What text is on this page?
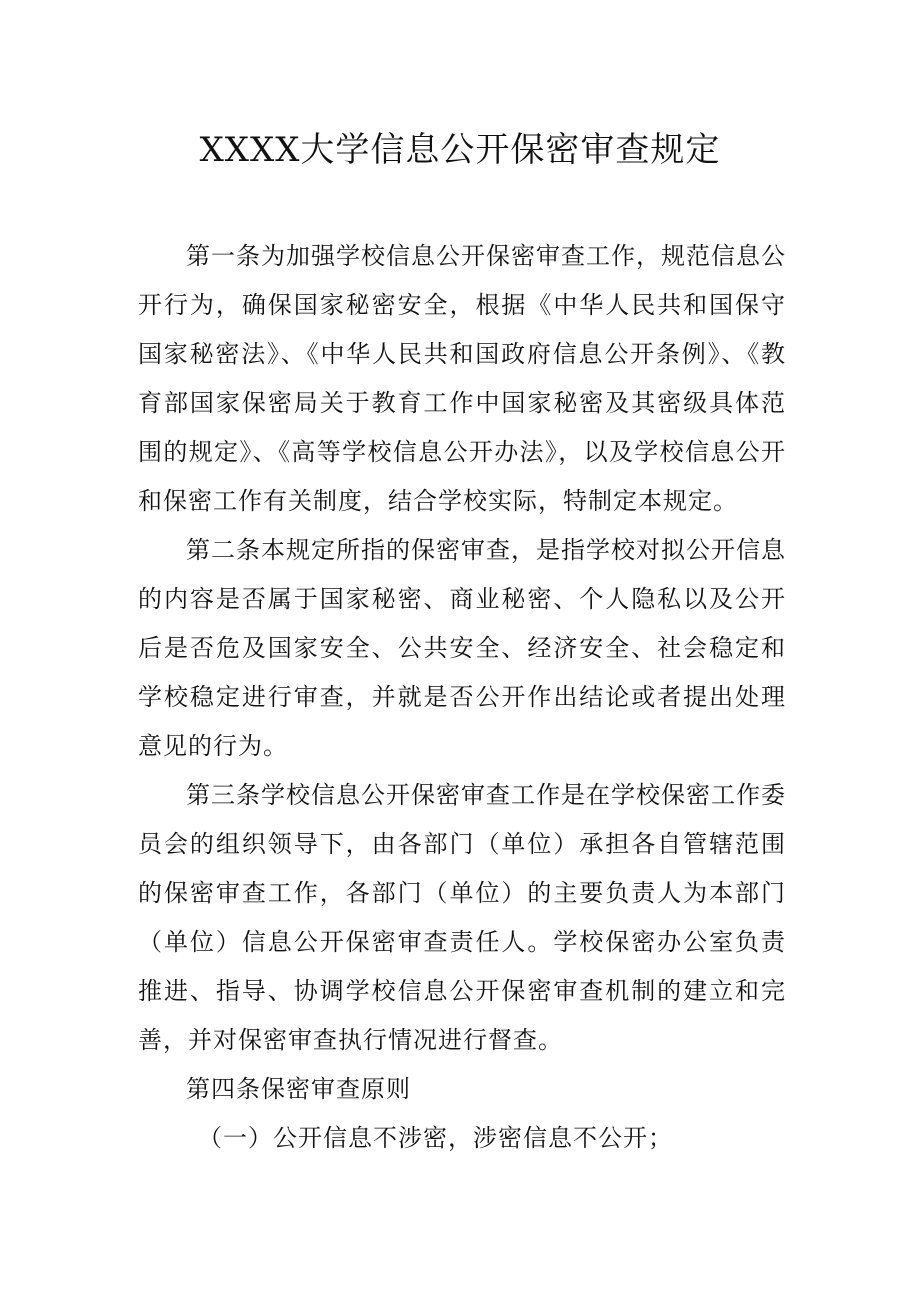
XXXX大学信息公开保密审查规定

第一条为加强学校信息公开保密审查工作，规范信息公开行为，确保国家秘密安全，根据《中华人民共和国保守国家秘密法》、《中华人民共和国政府信息公开条例》、《教育部国家保密局关于教育工作中国家秘密及其密级具体范围的规定》、《高等学校信息公开办法》，以及学校信息公开和保密工作有关制度，结合学校实际，特制定本规定。

第二条本规定所指的保密审查，是指学校对拟公开信息的内容是否属于国家秘密、商业秘密、个人隐私以及公开后是否危及国家安全、公共安全、经济安全、社会稳定和学校稳定进行审查，并就是否公开作出结论或者提出处理意见的行为。

第三条学校信息公开保密审查工作是在学校保密工作委员会的组织领导下，由各部门（单位）承担各自管辖范围的保密审查工作，各部门（单位）的主要负责人为本部门（单位）信息公开保密审查责任人。学校保密办公室负责推进、指导、协调学校信息公开保密审查机制的建立和完善，并对保密审查执行情况进行督查。

第四条保密审查原则

（一）公开信息不涉密，涉密信息不公开；
